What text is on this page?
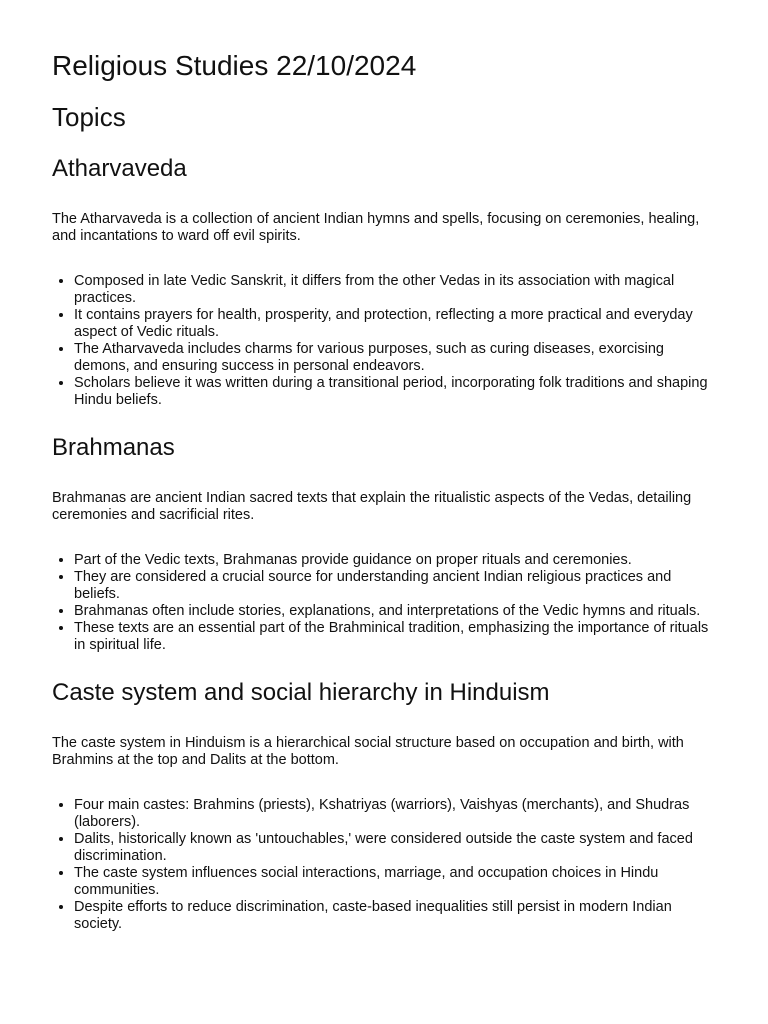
Religious Studies 22/10/2024
Topics
Atharvaveda

The Atharvaveda is a collection of ancient Indian hymns and spells, focusing on ceremonies, healing, and incantations to ward off evil spirits.

• Composed in late Vedic Sanskrit, it differs from the other Vedas in its association with magical practices.
• It contains prayers for health, prosperity, and protection, reflecting a more practical and everyday aspect of Vedic rituals.
• The Atharvaveda includes charms for various purposes, such as curing diseases, exorcising demons, and ensuring success in personal endeavors.
• Scholars believe it was written during a transitional period, incorporating folk traditions and shaping Hindu beliefs.
Brahmanas

Brahmanas are ancient Indian sacred texts that explain the ritualistic aspects of the Vedas, detailing ceremonies and sacrificial rites.

• Part of the Vedic texts, Brahmanas provide guidance on proper rituals and ceremonies.
• They are considered a crucial source for understanding ancient Indian religious practices and beliefs.
• Brahmanas often include stories, explanations, and interpretations of the Vedic hymns and rituals.
• These texts are an essential part of the Brahminical tradition, emphasizing the importance of rituals in spiritual life.
Caste system and social hierarchy in Hinduism

The caste system in Hinduism is a hierarchical social structure based on occupation and birth, with Brahmins at the top and Dalits at the bottom.

• Four main castes: Brahmins (priests), Kshatriyas (warriors), Vaishyas (merchants), and Shudras (laborers).
• Dalits, historically known as 'untouchables,' were considered outside the caste system and faced discrimination.
• The caste system influences social interactions, marriage, and occupation choices in Hindu communities.
• Despite efforts to reduce discrimination, caste-based inequalities still persist in modern Indian society.
